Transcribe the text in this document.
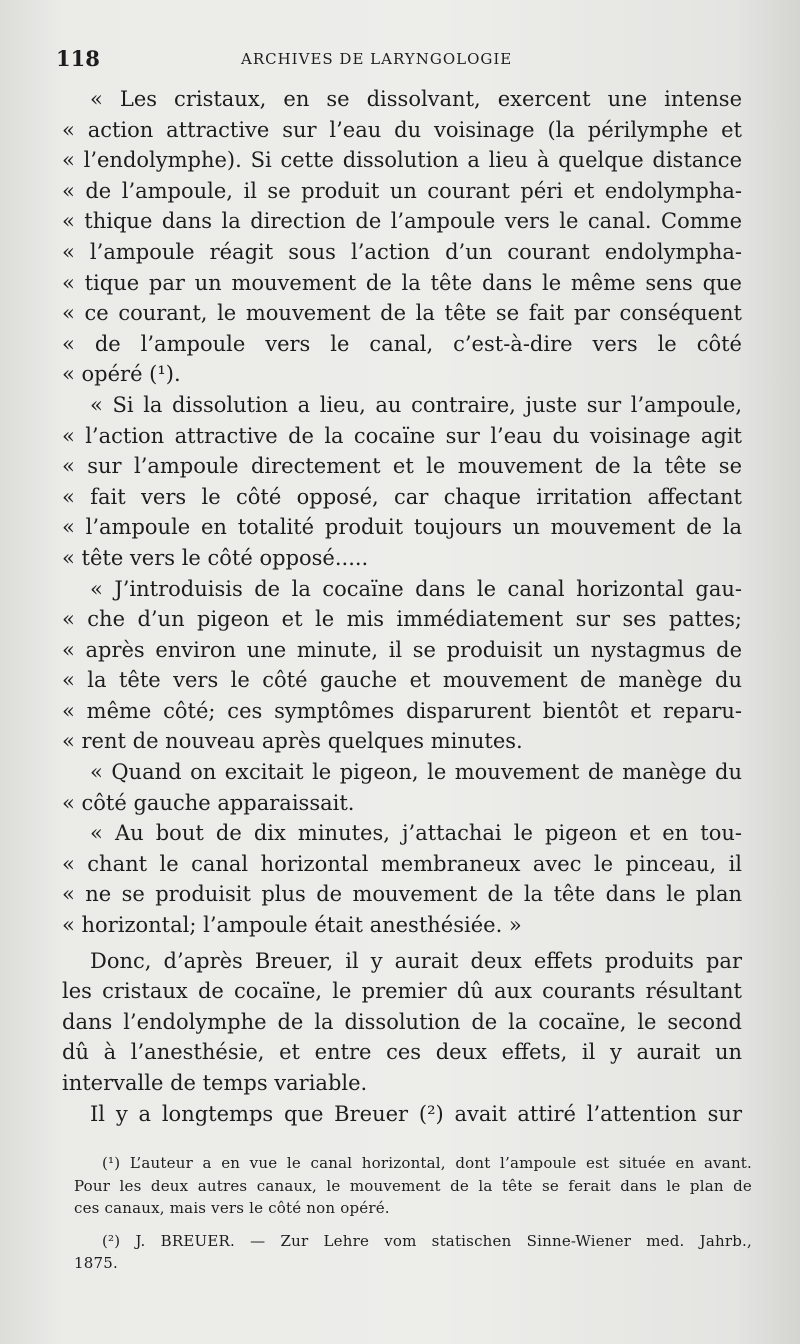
118	ARCHIVES DE LARYNGOLOGIE
« Les cristaux, en se dissolvant, exercent une intense
« action attractive sur l’eau du voisinage (la périlymphe et
« l’endolymphe). Si cette dissolution a lieu à quelque distance
« de l’ampoule, il se produit un courant péri et endolympha-
« thique dans la direction de l’ampoule vers le canal. Comme
« l’ampoule réagit sous l’action d’un courant endolympha-
« tique par un mouvement de la tête dans le même sens que
« ce courant, le mouvement de la tête se fait par conséquent
« de l’ampoule vers le canal, c’est-à-dire vers le côté
« opéré (¹).
« Si la dissolution a lieu, au contraire, juste sur l’ampoule,
« l’action attractive de la cocaïne sur l’eau du voisinage agit
« sur l’ampoule directement et le mouvement de la tête se
« fait vers le côté opposé, car chaque irritation affectant
« l’ampoule en totalité produit toujours un mouvement de la
« tête vers le côté opposé.....
« J’introduisis de la cocaïne dans le canal horizontal gau-
« che d’un pigeon et le mis immédiatement sur ses pattes;
« après environ une minute, il se produisit un nystagmus de
« la tête vers le côté gauche et mouvement de manège du
« même côté; ces symptômes disparurent bientôt et reparu-
« rent de nouveau après quelques minutes.
« Quand on excitait le pigeon, le mouvement de manège du
« côté gauche apparaissait.
« Au bout de dix minutes, j’attachai le pigeon et en tou-
« chant le canal horizontal membraneux avec le pinceau, il
« ne se produisit plus de mouvement de la tête dans le plan
« horizontal; l’ampoule était anesthésiée. »
Donc, d’après Breuer, il y aurait deux effets produits par
les cristaux de cocaïne, le premier dû aux courants résultant
dans l’endolymphe de la dissolution de la cocaïne, le second
dû à l’anesthésie, et entre ces deux effets, il y aurait un
intervalle de temps variable.
Il y a longtemps que Breuer (²) avait attiré l’attention sur
(¹) L’auteur a en vue le canal horizontal, dont l’ampoule est située en avant.
Pour les deux autres canaux, le mouvement de la tête se ferait dans le plan de
ces canaux, mais vers le côté non opéré.
(²) J. BREUER. — Zur Lehre vom statischen Sinne-Wiener med. Jahrb.,
1875.
